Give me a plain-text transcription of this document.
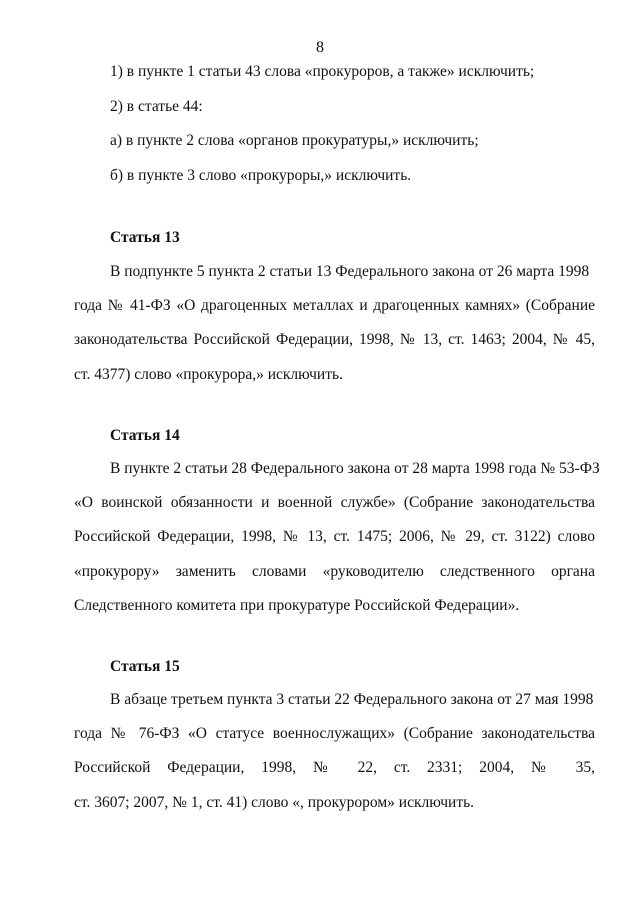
8
1) в пункте 1 статьи 43 слова «прокуроров, а также» исключить;
2) в статье 44:
а) в пункте 2 слова «органов прокуратуры,» исключить;
б) в пункте 3 слово «прокуроры,» исключить.
Статья 13
В подпункте 5 пункта 2 статьи 13 Федерального закона от 26 марта 1998
года № 41-ФЗ «О драгоценных металлах и драгоценных камнях» (Собрание
законодательства Российской Федерации, 1998, № 13, ст. 1463; 2004, № 45,
ст. 4377) слово «прокурора,» исключить.
Статья 14
В пункте 2 статьи 28 Федерального закона от 28 марта 1998 года № 53-ФЗ
«О воинской обязанности и военной службе» (Собрание законодательства
Российской Федерации, 1998, № 13, ст. 1475; 2006, № 29, ст. 3122) слово
«прокурору» заменить словами «руководителю следственного органа
Следственного комитета при прокуратуре Российской Федерации».
Статья 15
В абзаце третьем пункта 3 статьи 22 Федерального закона от 27 мая 1998
года № 76-ФЗ «О статусе военнослужащих» (Собрание законодательства
Российской Федерации, 1998, № 22, ст. 2331; 2004, № 35,
ст. 3607; 2007, № 1, ст. 41) слово «, прокурором» исключить.
